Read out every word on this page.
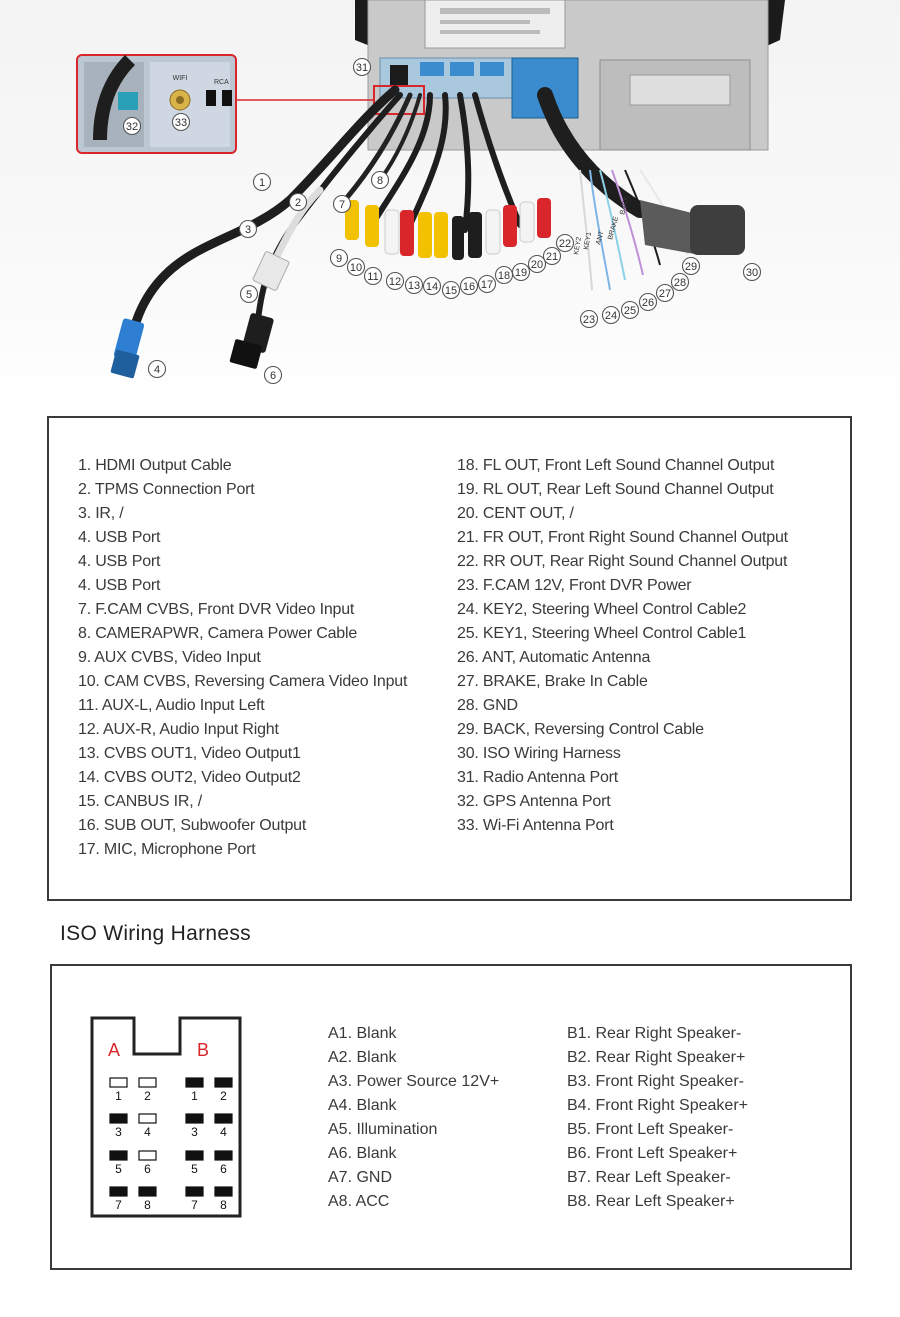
WIFI
RCA
BACK
BRAKE
ANT
KEY1
KEY2
1
2
3
4
5
6
7
8
9
10
11 12 13 14 15 16 17
18 19
20
21
22
23 24 25
26
27
28
29	30
31
32	33
1. HDMI Output Cable
2. TPMS Connection Port
3. IR, /
4. USB Port
4. USB Port
4. USB Port
7. F.CAM CVBS, Front DVR Video Input
8. CAMERAPWR, Camera Power Cable
9. AUX CVBS, Video Input
10. CAM CVBS, Reversing Camera Video Input
11. AUX-L, Audio Input Left
12. AUX-R, Audio Input Right
13. CVBS OUT1, Video Output1
14. CVBS OUT2, Video Output2
15. CANBUS IR, /
16. SUB OUT, Subwoofer Output
17. MIC, Microphone Port
18. FL OUT, Front Left Sound Channel Output
19. RL OUT, Rear Left Sound Channel Output
20. CENT OUT, /
21. FR OUT, Front Right Sound Channel Output
22. RR OUT, Rear Right Sound Channel Output
23. F.CAM 12V, Front DVR Power
24. KEY2, Steering Wheel Control Cable2
25. KEY1, Steering Wheel Control Cable1
26. ANT, Automatic Antenna
27. BRAKE, Brake In Cable
28. GND
29. BACK, Reversing Control Cable
30. ISO Wiring Harness
31. Radio Antenna Port
32. GPS Antenna Port
33. Wi-Fi Antenna Port
ISO Wiring Harness
A	B
1 2
3 4
5 6
7 8
1 2
3 4
5 6
7 8
A1. Blank
A2. Blank
A3. Power Source 12V+
A4. Blank
A5. Illumination
A6. Blank
A7. GND
A8. ACC
B1. Rear Right Speaker-
B2. Rear Right Speaker+
B3. Front Right Speaker-
B4. Front Right Speaker+
B5. Front Left Speaker-
B6. Front Left Speaker+
B7. Rear Left Speaker-
B8. Rear Left Speaker+
